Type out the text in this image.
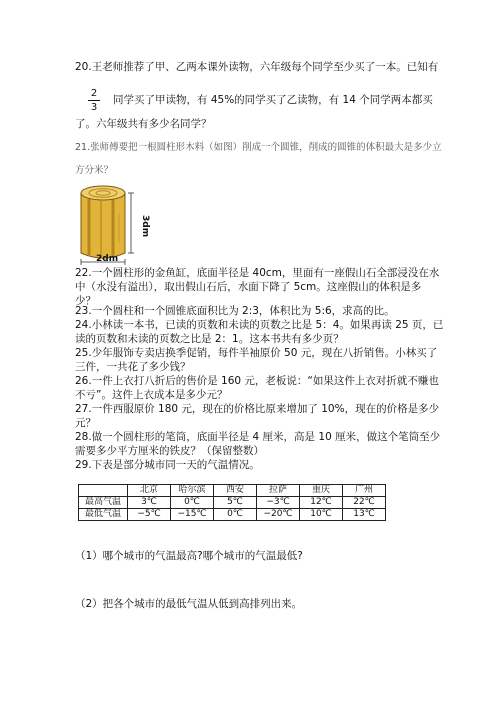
20.王老师推荐了甲、乙两本课外读物，六年级每个同学至少买了一本。已知有
2
3
同学买了甲读物，有 45%的同学买了乙读物，有 14 个同学两本都买
了。六年级共有多少名同学？
21.张师傅要把一根圆柱形木料（如图）削成一个圆锥，削成的圆锥的体积最大是多少立
方分米？
3dm
2dm
22.一个圆柱形的金鱼缸，底面半径是 40cm，里面有一座假山石全部浸没在水
中（水没有溢出），取出假山石后，水面下降了 5cm。这座假山的体积是多
少？
23.一个圆柱和一个圆锥底面积比为 2:3，体积比为 5:6，求高的比。
24.小林读一本书，已读的页数和未读的页数之比是 5：4。如果再读 25 页，已
读的页数和未读的页数之比是 2：1。这本书共有多少页？
25.少年服饰专卖店换季促销，每件半袖原价 50 元，现在八折销售。小林买了
三件，一共花了多少钱？
26.一件上衣打八折后的售价是 160 元，老板说：“如果这件上衣对折就不赚也
不亏”。这件上衣成本是多少元？
27.一件西服原价 180 元，现在的价格比原来增加了 10%，现在的价格是多少
元？
28.做一个圆柱形的笔筒，底面半径是 4 厘米，高是 10 厘米，做这个笔筒至少
需要多少平方厘米的铁皮？（保留整数）
29.下表是部分城市同一天的气温情况。
	北京	哈尔滨	西安	拉萨	重庆	广州
最高气温	3℃	0℃	5℃	−3℃	12℃	22℃
最低气温	−5℃	−15℃	0℃	−20℃	10℃	13℃
（1）哪个城市的气温最高?哪个城市的气温最低?
（2）把各个城市的最低气温从低到高排列出来。
